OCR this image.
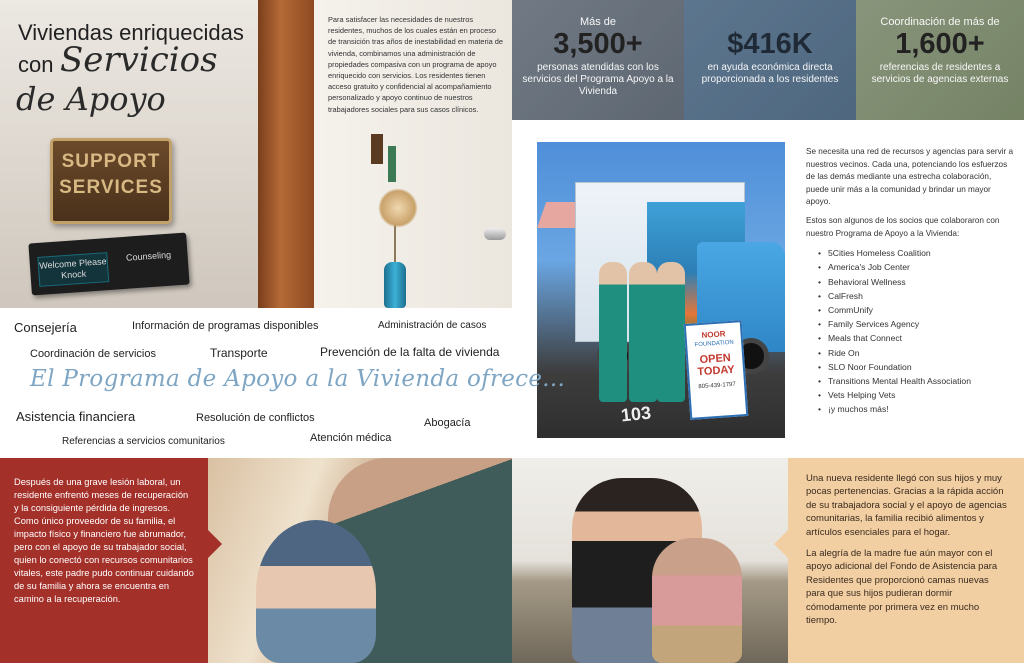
Viviendas enriquecidas
con Servicios
de Apoyo
SUPPORT
SERVICES
Welcome Please Knock
Counseling
Para satisfacer las necesidades de nuestros residentes, muchos de los cuales están en proceso de transición tras años de inestabilidad en materia de vivienda, combinamos una administración de propiedades compasiva con un programa de apoyo enriquecido con servicios. Los residentes tienen acceso gratuito y confidencial al acompañamiento personalizado y apoyo continuo de nuestros trabajadores sociales para sus casos clínicos.
Más de
3,500+
personas atendidas con los servicios del Programa Apoyo a la Vivienda
$416K
en ayuda económica directa proporcionada a los residentes
Coordinación de más de
1,600+
referencias de residentes a servicios de agencias externas
NOOR
FOUNDATION
OPEN TODAY
805-439-1797
103

Se necesita una red de recursos y agencias para servir a nuestros vecinos. Cada una, potenciando los esfuerzos de las demás mediante una estrecha colaboración, puede unir más a la comunidad y brindar un mayor apoyo.

Estos son algunos de los socios que colaboraron con nuestro Programa de Apoyo a la Vivienda:

• 5Cities Homeless Coalition
• America's Job Center
• Behavioral Wellness
• CalFresh
• CommUnify
• Family Services Agency
• Meals that Connect
• Ride On
• SLO Noor Foundation
• Transitions Mental Health Association
• Vets Helping Vets
• ¡y muchos más!
Consejería	Información de programas disponibles	Administración de casos
Coordinación de servicios	Transporte	Prevención de la falta de vivienda
El Programa de Apoyo a la Vivienda ofrece...
Asistencia financiera	Resolución de conflictos	Abogacía
Referencias a servicios comunitarios	Atención médica
Después de una grave lesión laboral, un residente enfrentó meses de recuperación y la consiguiente pérdida de ingresos. Como único proveedor de su familia, el impacto físico y financiero fue abrumador, pero con el apoyo de su trabajador social, quien lo conectó con recursos comunitarios vitales, este padre pudo continuar cuidando de su familia y ahora se encuentra en camino a la recuperación.

Una nueva residente llegó con sus hijos y muy pocas pertenencias. Gracias a la rápida acción de su trabajadora social y el apoyo de agencias comunitarias, la familia recibió alimentos y artículos esenciales para el hogar.

La alegría de la madre fue aún mayor con el apoyo adicional del Fondo de Asistencia para Residentes que proporcionó camas nuevas para que sus hijos pudieran dormir cómodamente por primera vez en mucho tiempo.
